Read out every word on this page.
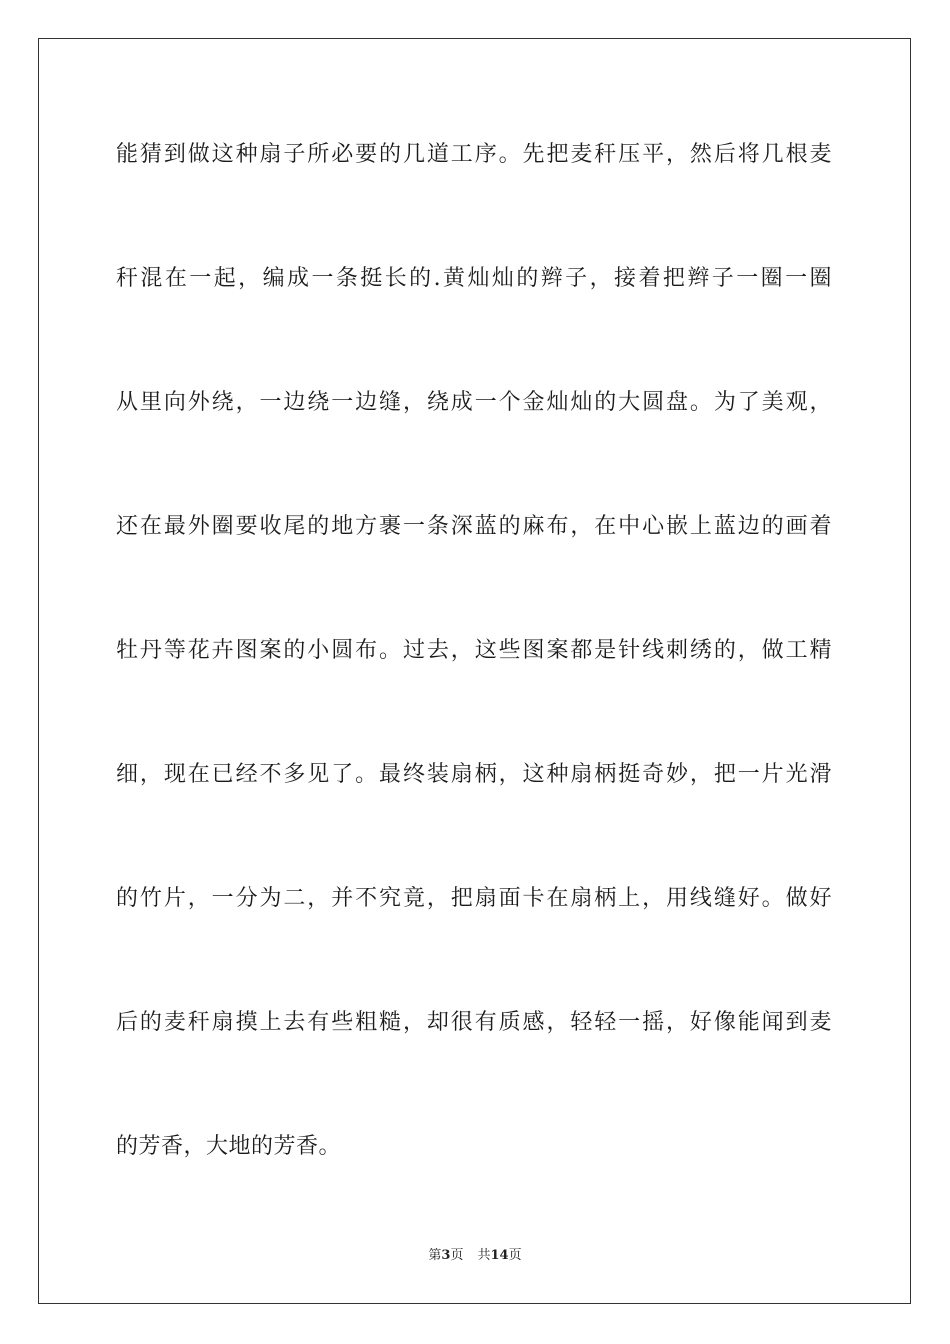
能猜到做这种扇子所必要的几道工序。先把麦秆压平，然后将几根麦
秆混在一起，编成一条挺长的.黄灿灿的辫子，接着把辫子一圈一圈
从里向外绕，一边绕一边缝，绕成一个金灿灿的大圆盘。为了美观，
还在最外圈要收尾的地方裹一条深蓝的麻布，在中心嵌上蓝边的画着
牡丹等花卉图案的小圆布。过去，这些图案都是针线刺绣的，做工精
细，现在已经不多见了。最终装扇柄，这种扇柄挺奇妙，把一片光滑
的竹片，一分为二，并不究竟，把扇面卡在扇柄上，用线缝好。做好
后的麦秆扇摸上去有些粗糙，却很有质感，轻轻一摇，好像能闻到麦
的芳香，大地的芳香。
第3页 共14页
